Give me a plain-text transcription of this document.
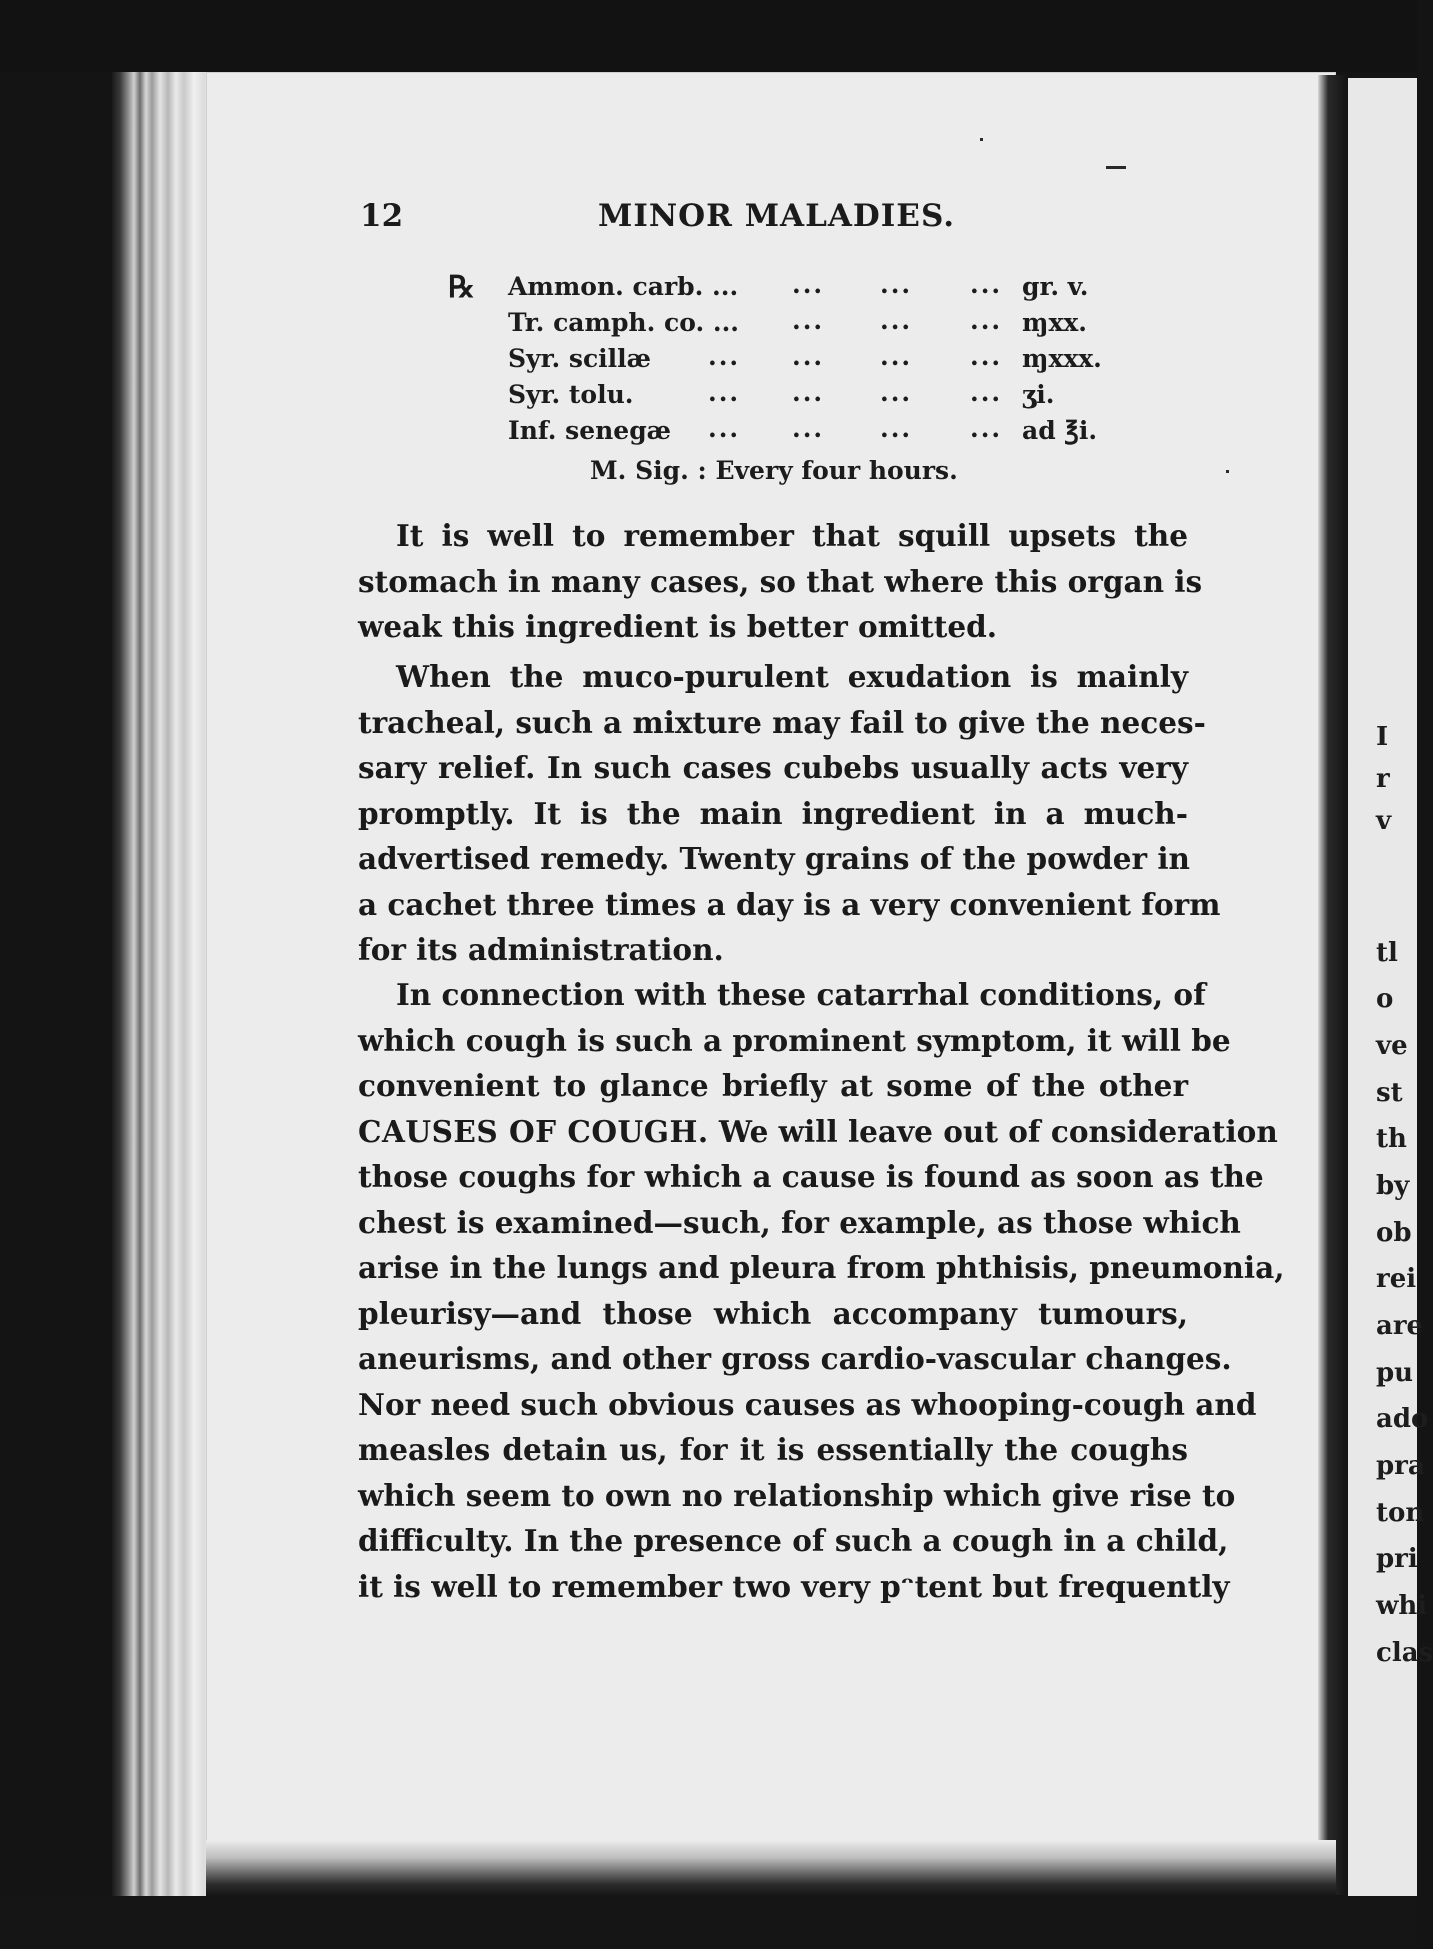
12	MINOR MALADIES.
℞ Ammon. carb. ... ... ... ... gr. v.
Tr. camph. co. ... ... ... ... ɱxx.
Syr. scillæ ... ... ... ... ɱxxx.
Syr. tolu.	... ... ... ... ʒi.
Inf. senegæ ... ... ... ... ad ℥i.
M. Sig. : Every four hours.
It is well to remember that squill upsets the
stomach in many cases, so that where this organ is
weak this ingredient is better omitted.
When the muco-purulent exudation is mainly
tracheal, such a mixture may fail to give the neces-
sary relief. In such cases cubebs usually acts very
promptly. It is the main ingredient in a much-
advertised remedy. Twenty grains of the powder in
a cachet three times a day is a very convenient form
for its administration.
In connection with these catarrhal conditions, of
which cough is such a prominent symptom, it will be
convenient to glance briefly at some of the other
CAUSES OF COUGH. We will leave out of consideration
those coughs for which a cause is found as soon as the
chest is examined—such, for example, as those which
arise in the lungs and pleura from phthisis, pneumonia,
pleurisy—and those which accompany tumours,
aneurisms, and other gross cardio-vascular changes.
Nor need such obvious causes as whooping-cough and
measles detain us, for it is essentially the coughs
which seem to own no relationship which give rise to
difficulty. In the presence of such a cough in a child,
it is well to remember two very pᵔtent but frequently
I
r
v
tl
o
ve
st
th
by
ob
rei
are
pu
ado
pra
ton
pri
whi
clas
